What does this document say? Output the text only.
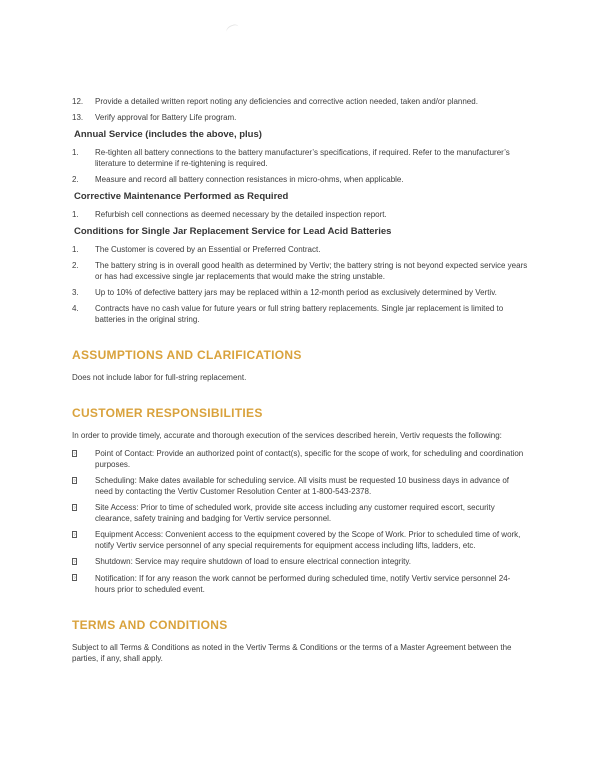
12.	Provide a detailed written report noting any deficiencies and corrective action needed, taken and/or planned.
13.	Verify approval for Battery Life program.
Annual Service (includes the above, plus)
1.	Re-tighten all battery connections to the battery manufacturer’s specifications, if required. Refer to the manufacturer’s literature to determine if re-tightening is required.
2.	Measure and record all battery connection resistances in micro-ohms, when applicable.
Corrective Maintenance Performed as Required
1.	Refurbish cell connections as deemed necessary by the detailed inspection report.
Conditions for Single Jar Replacement Service for Lead Acid Batteries
1.	The Customer is covered by an Essential or Preferred Contract.
2.	The battery string is in overall good health as determined by Vertiv; the battery string is not beyond expected service years or has had excessive single jar replacements that would make the string unstable.
3.	Up to 10% of defective battery jars may be replaced within a 12-month period as exclusively determined by Vertiv.
4.	Contracts have no cash value for future years or full string battery replacements. Single jar replacement is limited to batteries in the original string.
ASSUMPTIONS AND CLARIFICATIONS
Does not include labor for full-string replacement.
CUSTOMER RESPONSIBILITIES
In order to provide timely, accurate and thorough execution of the services described herein, Vertiv requests the following:
?	Point of Contact: Provide an authorized point of contact(s), specific for the scope of work, for scheduling and coordination purposes.
?	Scheduling: Make dates available for scheduling service. All visits must be requested 10 business days in advance of need by contacting the Vertiv Customer Resolution Center at 1-800-543-2378.
?	Site Access: Prior to time of scheduled work, provide site access including any customer required escort, security clearance, safety training and badging for Vertiv service personnel.
?	Equipment Access: Convenient access to the equipment covered by the Scope of Work. Prior to scheduled time of work, notify Vertiv service personnel of any special requirements for equipment access including lifts, ladders, etc.
?	Shutdown: Service may require shutdown of load to ensure electrical connection integrity.
?	Notification: If for any reason the work cannot be performed during scheduled time, notify Vertiv service personnel 24-hours prior to scheduled event.
TERMS AND CONDITIONS
Subject to all Terms & Conditions as noted in the Vertiv Terms & Conditions or the terms of a Master Agreement between the parties, if any, shall apply.
